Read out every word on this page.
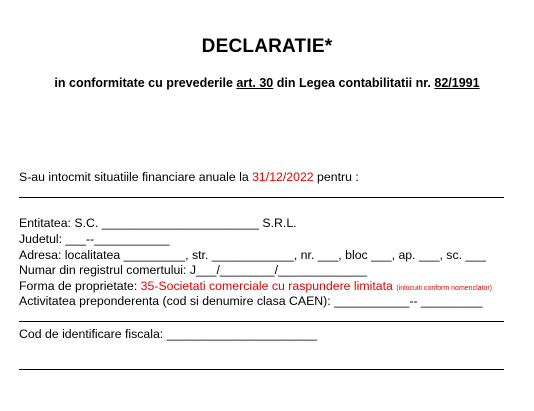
DECLARATIE*
in conformitate cu prevederile art. 30 din Legea contabilitatii nr. 82/1991
S-au intocmit situatiile financiare anuale la 31/12/2022 pentru :
Entitatea: S.C. _______________________ S.R.L.
Judetul: ___--___________
Adresa: localitatea _________, str. ____________, nr. ___, bloc ___, ap. ___, sc. ___
Numar din registrul comertului: J___/________/_____________
Forma de proprietate: 35-Societati comerciale cu raspundere limitata (inlocuiti conform nomenclator)
Activitatea preponderenta (cod si denumire clasa CAEN): ___________-- _________
Cod de identificare fiscala: ______________________
